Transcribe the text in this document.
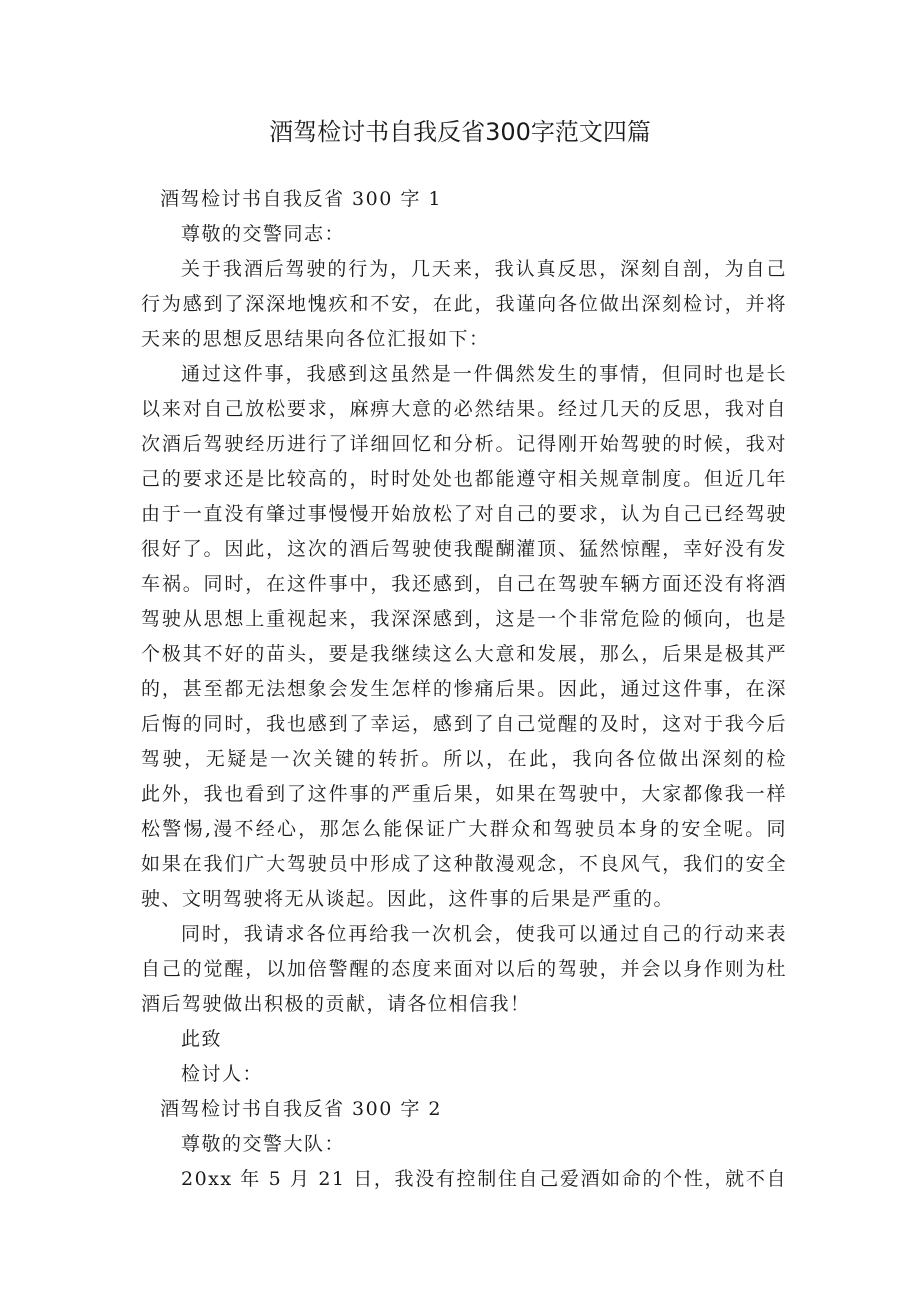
酒驾检讨书自我反省300字范文四篇
酒驾检讨书自我反省 300 字 1
尊敬的交警同志：
关于我酒后驾驶的行为，几天来，我认真反思，深刻自剖，为自己
行为感到了深深地愧疚和不安，在此，我谨向各位做出深刻检讨，并将
天来的思想反思结果向各位汇报如下：
通过这件事，我感到这虽然是一件偶然发生的事情，但同时也是长
以来对自己放松要求，麻痹大意的必然结果。经过几天的反思，我对自
次酒后驾驶经历进行了详细回忆和分析。记得刚开始驾驶的时候，我对
己的要求还是比较高的，时时处处也都能遵守相关规章制度。但近几年
由于一直没有肇过事慢慢开始放松了对自己的要求，认为自己已经驾驶
很好了。因此，这次的酒后驾驶使我醍醐灌顶、猛然惊醒，幸好没有发
车祸。同时，在这件事中，我还感到，自己在驾驶车辆方面还没有将酒
驾驶从思想上重视起来，我深深感到，这是一个非常危险的倾向，也是
个极其不好的苗头，要是我继续这么大意和发展，那么，后果是极其严
的，甚至都无法想象会发生怎样的惨痛后果。因此，通过这件事，在深
后悔的同时，我也感到了幸运，感到了自己觉醒的及时，这对于我今后
驾驶，无疑是一次关键的转折。所以，在此，我向各位做出深刻的检
此外，我也看到了这件事的严重后果，如果在驾驶中，大家都像我一样
松警惕,漫不经心，那怎么能保证广大群众和驾驶员本身的安全呢。同
如果在我们广大驾驶员中形成了这种散漫观念，不良风气，我们的安全
驶、文明驾驶将无从谈起。因此，这件事的后果是严重的。
同时，我请求各位再给我一次机会，使我可以通过自己的行动来表
自己的觉醒，以加倍警醒的态度来面对以后的驾驶，并会以身作则为杜
酒后驾驶做出积极的贡献，请各位相信我！
此致
检讨人：
酒驾检讨书自我反省 300 字 2
尊敬的交警大队：
20xx 年 5 月 21 日，我没有控制住自己爱酒如命的个性，就不自
